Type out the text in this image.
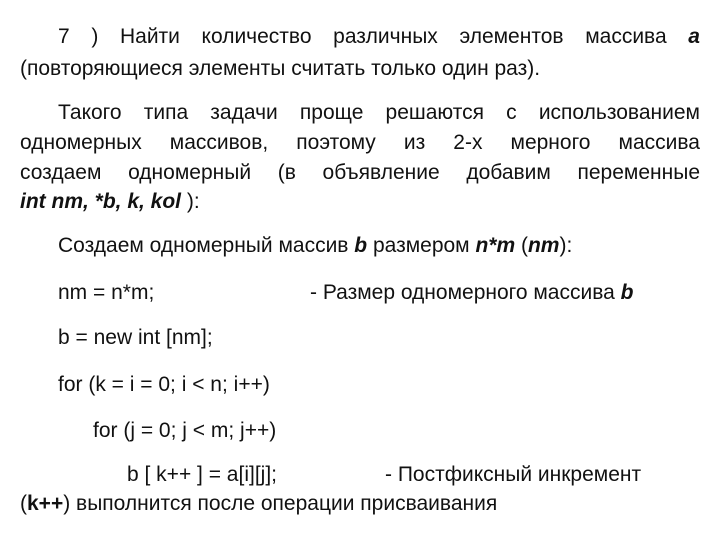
7 ) Найти количество различных элементов массива a
(повторяющиеся элементы считать только один раз).
Такого типа задачи проще решаются с использованием
одномерных массивов, поэтому из 2-х мерного массива
создаем одномерный (в объявление добавим переменные
int nm, *b, k, kol ):
Создаем одномерный массив b размером n*m (nm):
nm = n*m;	- Размер одномерного массива b
b = new int [nm];
for (k = i = 0; i < n; i++)
for (j = 0; j < m; j++)
b [ k++ ] = a[i][j];	- Постфиксный инкремент
(k++) выполнится после операции присваивания
